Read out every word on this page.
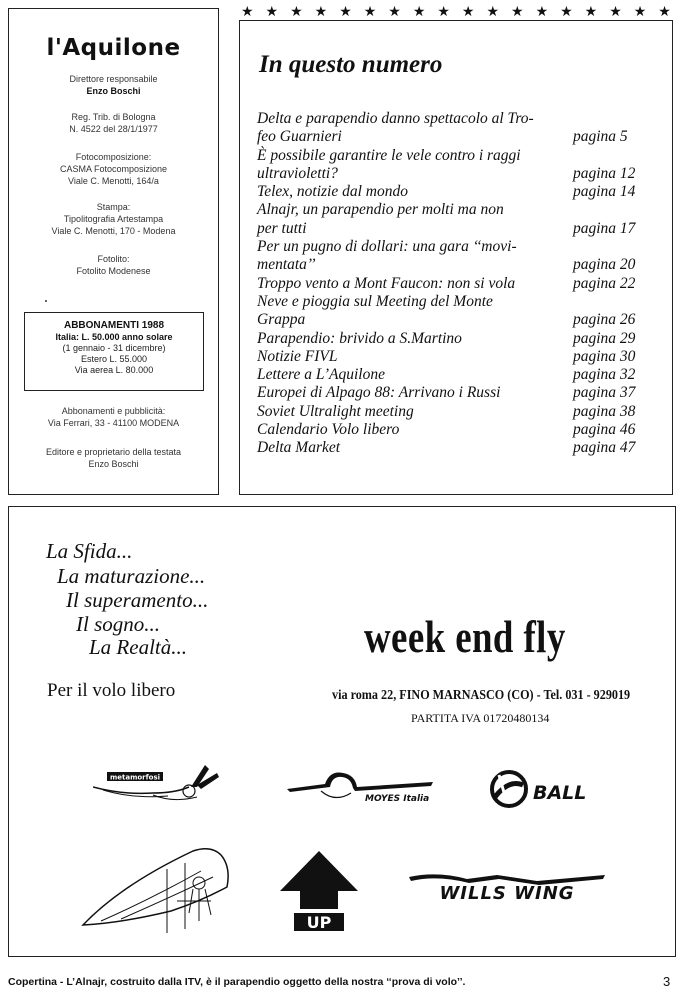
l'Aquilone
Direttore responsabile
Enzo Boschi
Reg. Trib. di Bologna
N. 4522 del 28/1/1977
Fotocomposizione:
CASMA Fotocomposizione
Viale C. Menotti, 164/a
Stampa:
Tipolitografia Artestampa
Viale C. Menotti, 170 - Modena
Fotolito:
Fotolito Modenese
ABBONAMENTI 1988
Italia: L. 50.000 anno solare
(1 gennaio - 31 dicembre)
Estero L. 55.000
Via aerea L. 80.000
Abbonamenti e pubblicità:
Via Ferrari, 33 - 41100 MODENA
Editore e proprietario della testata
Enzo Boschi
★ ★ ★ ★ ★ ★ ★ ★ ★ ★ ★ ★ ★ ★ ★ ★ ★ ★
In questo numero
Delta e parapendio danno spettacolo al Tro-
feo Guarnieri	pagina 5
È possibile garantire le vele contro i raggi
ultravioletti?	pagina 12
Telex, notizie dal mondo	pagina 14
Alnajr, un parapendio per molti ma non
per tutti	pagina 17
Per un pugno di dollari: una gara ‘‘movi-
mentata’’	pagina 20
Troppo vento a Mont Faucon: non si vola	pagina 22
Neve e pioggia sul Meeting del Monte
Grappa	pagina 26
Parapendio: brivido a S.Martino	pagina 29
Notizie FIVL	pagina 30
Lettere a L’Aquilone	pagina 32
Europei di Alpago 88: Arrivano i Russi	pagina 37
Soviet Ultralight meeting	pagina 38
Calendario Volo libero	pagina 46
Delta Market	pagina 47
La Sfida...
La maturazione...
Il superamento...
Il sogno...
La Realtà...
Per il volo libero
week end fly
via roma 22, FINO MARNASCO (CO) - Tel. 031 - 929019
PARTITA IVA 01720480134
metamorfosi
MOYES Italia	BALL
UP
WILLS WING
Copertina - L’Alnajr, costruito dalla ITV, è il parapendio oggetto della nostra ‘‘prova di volo’’.	3
